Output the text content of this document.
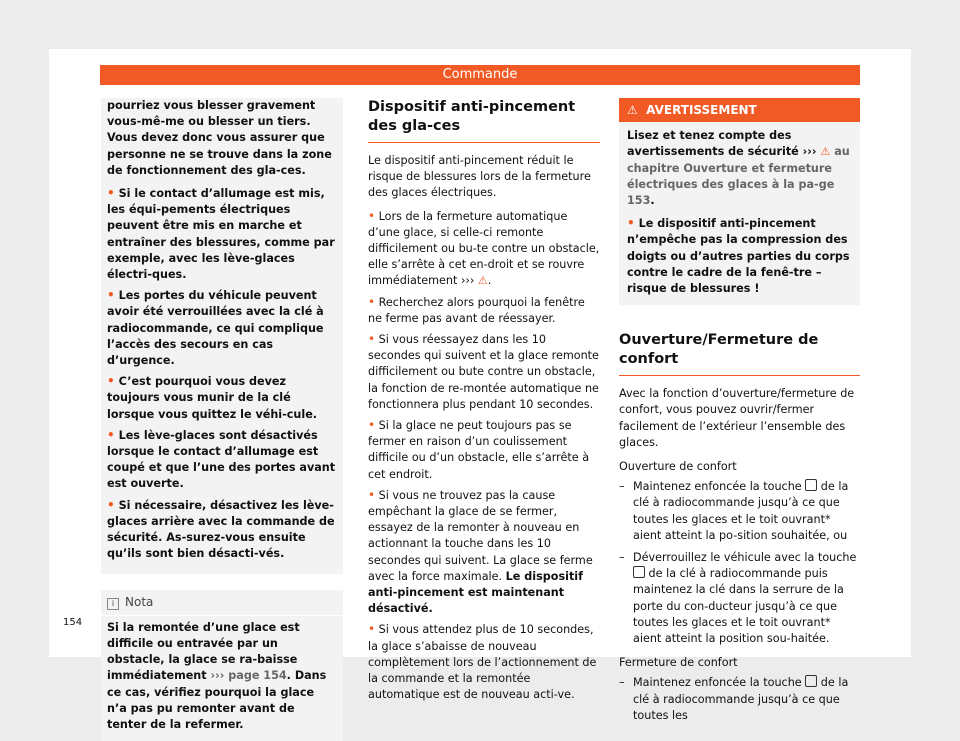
Commande

pourriez vous blesser gravement vous-mê-me ou blesser un tiers. Vous devez donc vous assurer que personne ne se trouve dans la zone de fonctionnement des gla-ces.

• Si le contact d’allumage est mis, les équi-pements électriques peuvent être mis en marche et entraîner des blessures, comme par exemple, avec les lève-glaces électri-ques.

• Les portes du véhicule peuvent avoir été verrouillées avec la clé à radiocommande, ce qui complique l’accès des secours en cas d’urgence.

• C’est pourquoi vous devez toujours vous munir de la clé lorsque vous quittez le véhi-cule.

• Les lève-glaces sont désactivés lorsque le contact d’allumage est coupé et que l’une des portes avant est ouverte.

• Si nécessaire, désactivez les lève-glaces arrière avec la commande de sécurité. As-surez-vous ensuite qu’ils sont bien désacti-vés.

i Nota
Si la remontée d’une glace est difficile ou entravée par un obstacle, la glace se ra-baisse immédiatement ››› page 154. Dans ce cas, vérifiez pourquoi la glace n’a pas pu remonter avant de tenter de la refermer.
Dispositif anti-pincement des gla-ces

Le dispositif anti-pincement réduit le risque de blessures lors de la fermeture des glaces électriques.

• Lors de la fermeture automatique d’une glace, si celle-ci remonte difficilement ou bu-te contre un obstacle, elle s’arrête à cet en-droit et se rouvre immédiatement ››› ⚠.

• Recherchez alors pourquoi la fenêtre ne ferme pas avant de réessayer.

• Si vous réessayez dans les 10 secondes qui suivent et la glace remonte difficilement ou bute contre un obstacle, la fonction de re-montée automatique ne fonctionnera plus pendant 10 secondes.

• Si la glace ne peut toujours pas se fermer en raison d’un coulissement difficile ou d’un obstacle, elle s’arrête à cet endroit.

• Si vous ne trouvez pas la cause empêchant la glace de se fermer, essayez de la remonter à nouveau en actionnant la touche dans les 10 secondes qui suivent. La glace se ferme avec la force maximale. Le dispositif anti-pincement est maintenant désactivé.

• Si vous attendez plus de 10 secondes, la glace s’abaisse de nouveau complètement lors de l’actionnement de la commande et la remontée automatique est de nouveau acti-ve.

⚠ AVERTISSEMENT

Lisez et tenez compte des avertissements de sécurité ››› ⚠ au chapitre Ouverture et fermeture électriques des glaces à la pa-ge 153.

• Le dispositif anti-pincement n’empêche pas la compression des doigts ou d’autres parties du corps contre le cadre de la fenê-tre – risque de blessures !

Ouverture/Fermeture de confort

Avec la fonction d’ouverture/fermeture de confort, vous pouvez ouvrir/fermer facilement de l’extérieur l’ensemble des glaces.

Ouverture de confort
– Maintenez enfoncée la touche  de la clé à radiocommande jusqu’à ce que toutes les glaces et le toit ouvrant* aient atteint la po-sition souhaitée, ou
– Déverrouillez le véhicule avec la touche  de la clé à radiocommande puis maintenez la clé dans la serrure de la porte du con-ducteur jusqu’à ce que toutes les glaces et le toit ouvrant* aient atteint la position sou-haitée.
Fermeture de confort
– Maintenez enfoncée la touche  de la clé à radiocommande jusqu’à ce que toutes les
154
